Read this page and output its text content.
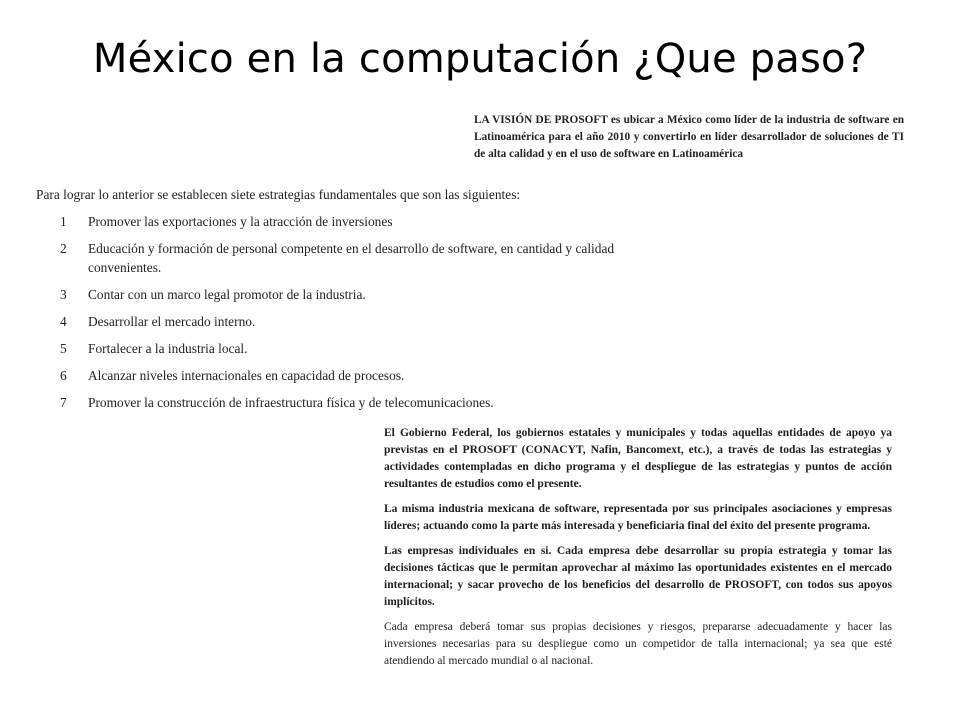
México en la computación ¿Que paso?
LA VISIÓN DE PROSOFT es ubicar a México como líder de la industria de software en Latinoamérica para el año 2010 y convertirlo en líder desarrollador de soluciones de TI de alta calidad y en el uso de software en Latinoamérica

Para lograr lo anterior se establecen siete estrategias fundamentales que son las siguientes:

1 Promover las exportaciones y la atracción de inversiones
2 Educación y formación de personal competente en el desarrollo de software, en cantidad y calidad convenientes.
3 Contar con un marco legal promotor de la industria.
4 Desarrollar el mercado interno.
5 Fortalecer a la industria local.
6 Alcanzar niveles internacionales en capacidad de procesos.
7 Promover la construcción de infraestructura física y de telecomunicaciones.

El Gobierno Federal, los gobiernos estatales y municipales y todas aquellas entidades de apoyo ya previstas en el PROSOFT (CONACYT, Nafin, Bancomext, etc.), a través de todas las estrategias y actividades contempladas en dicho programa y el despliegue de las estrategias y puntos de acción resultantes de estudios como el presente.

La misma industria mexicana de software, representada por sus principales asociaciones y empresas líderes; actuando como la parte más interesada y beneficiaria final del éxito del presente programa.

Las empresas individuales en si. Cada empresa debe desarrollar su propia estrategia y tomar las decisiones tácticas que le permitan aprovechar al máximo las oportunidades existentes en el mercado internacional; y sacar provecho de los beneficios del desarrollo de PROSOFT, con todos sus apoyos implícitos.

Cada empresa deberá tomar sus propias decisiones y riesgos, prepararse adecuadamente y hacer las inversiones necesarias para su despliegue como un competidor de talla internacional; ya sea que esté atendiendo al mercado mundial o al nacional.
